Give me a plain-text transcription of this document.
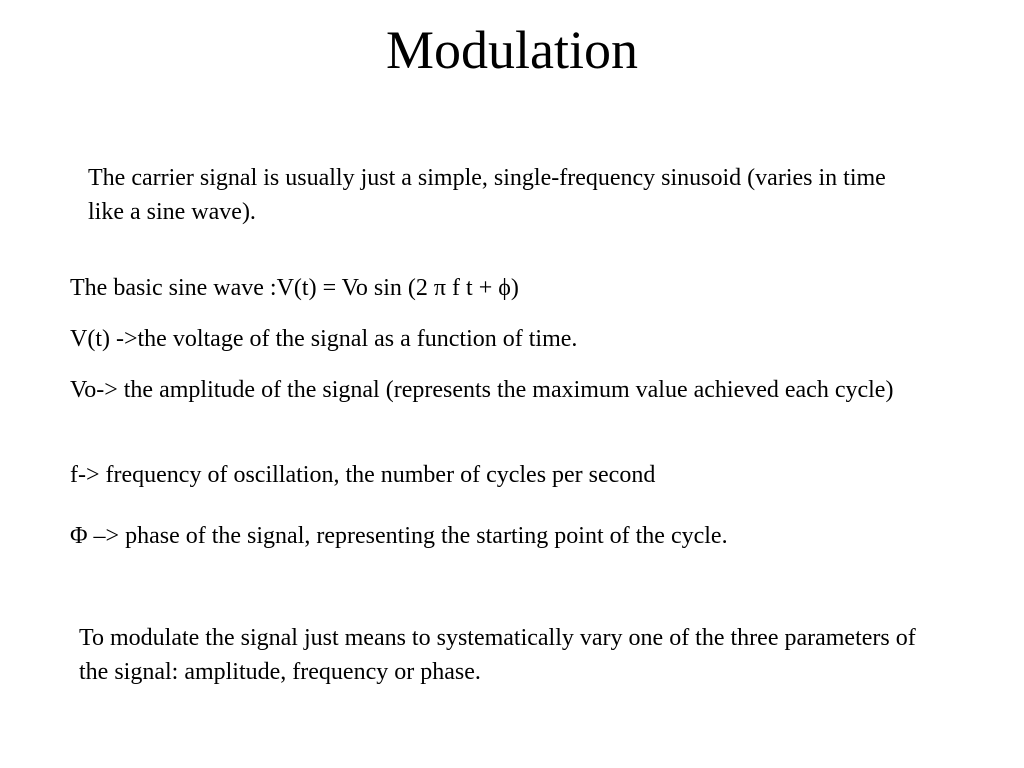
Modulation
The carrier signal is usually just a simple, single-frequency sinusoid (varies in time like a sine wave).
The basic sine wave :V(t) = Vo sin (2 π f t + ϕ)
V(t) ->the voltage of the signal as a function of time.
Vo-> the amplitude of the signal (represents the maximum value achieved each cycle)
f-> frequency of oscillation, the number of cycles per second
Φ –> phase of the signal, representing the starting point of the cycle.
To modulate the signal just means to systematically vary one of the three parameters of the signal: amplitude, frequency or phase.
